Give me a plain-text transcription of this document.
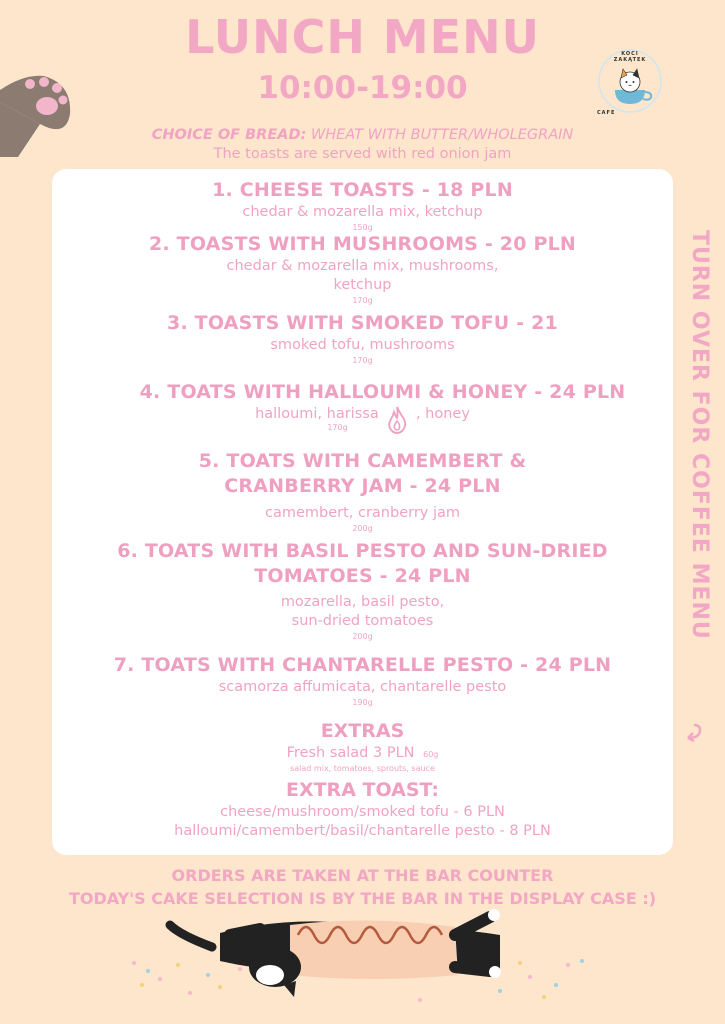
LUNCH MENU
10:00-19:00
KOCI ZAKĄTEK
CAFE
CHOICE OF BREAD: WHEAT WITH BUTTER/WHOLEGRAIN
The toasts are served with red onion jam
1. CHEESE TOASTS - 18 PLN
chedar & mozarella mix, ketchup
150g
2. TOASTS WITH MUSHROOMS - 20 PLN
chedar & mozarella mix, mushrooms,
ketchup
170g
3. TOASTS WITH SMOKED TOFU - 21
smoked tofu, mushrooms
170g
4. TOATS WITH HALLOUMI & HONEY - 24 PLN
halloumi, harissa	, honey
170g
5. TOATS WITH CAMEMBERT &
CRANBERRY JAM - 24 PLN
camembert, cranberry jam
200g
6. TOATS WITH BASIL PESTO AND SUN-DRIED
TOMATOES - 24 PLN
mozarella, basil pesto,
sun-dried tomatoes
200g
7. TOATS WITH CHANTARELLE PESTO - 24 PLN
scamorza affumicata, chantarelle pesto
190g
EXTRAS
Fresh salad 3 PLN 60g
salad mix, tomatoes, sprouts, sauce
EXTRA TOAST:
cheese/mushroom/smoked tofu - 6 PLN
halloumi/camembert/basil/chantarelle pesto - 8 PLN
TURN OVER FOR COFFEE MENU
ORDERS ARE TAKEN AT THE BAR COUNTER
TODAY'S CAKE SELECTION IS BY THE BAR IN THE DISPLAY CASE :)
